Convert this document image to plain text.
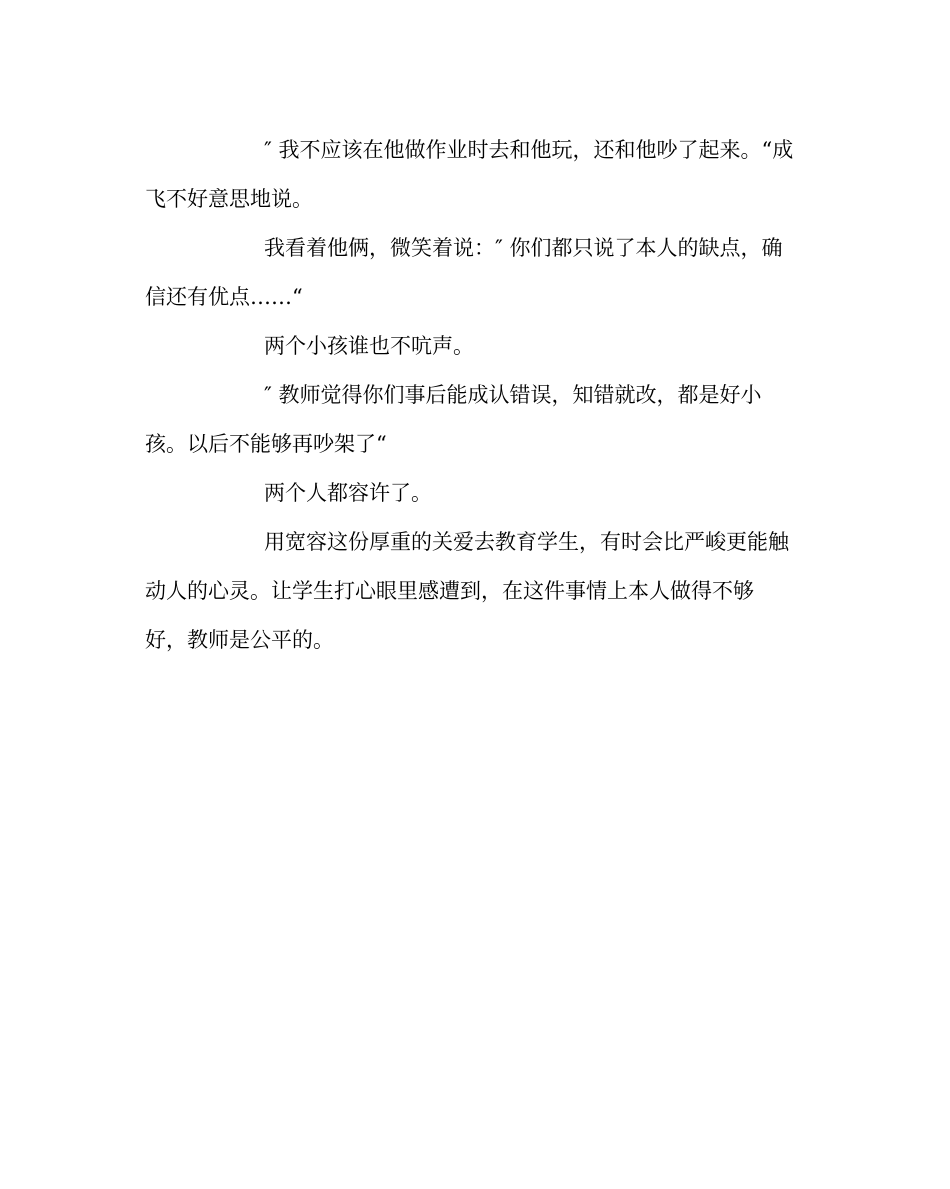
″ 我不应该在他做作业时去和他玩，还和他吵了起来。“成飞不好意思地说。

我看着他俩，微笑着说：″ 你们都只说了本人的缺点，确信还有优点……“

两个小孩谁也不吭声。

″ 教师觉得你们事后能成认错误，知错就改，都是好小孩。以后不能够再吵架了“

两个人都容许了。

用宽容这份厚重的关爱去教育学生，有时会比严峻更能触动人的心灵。让学生打心眼里感遭到，在这件事情上本人做得不够好，教师是公平的。
